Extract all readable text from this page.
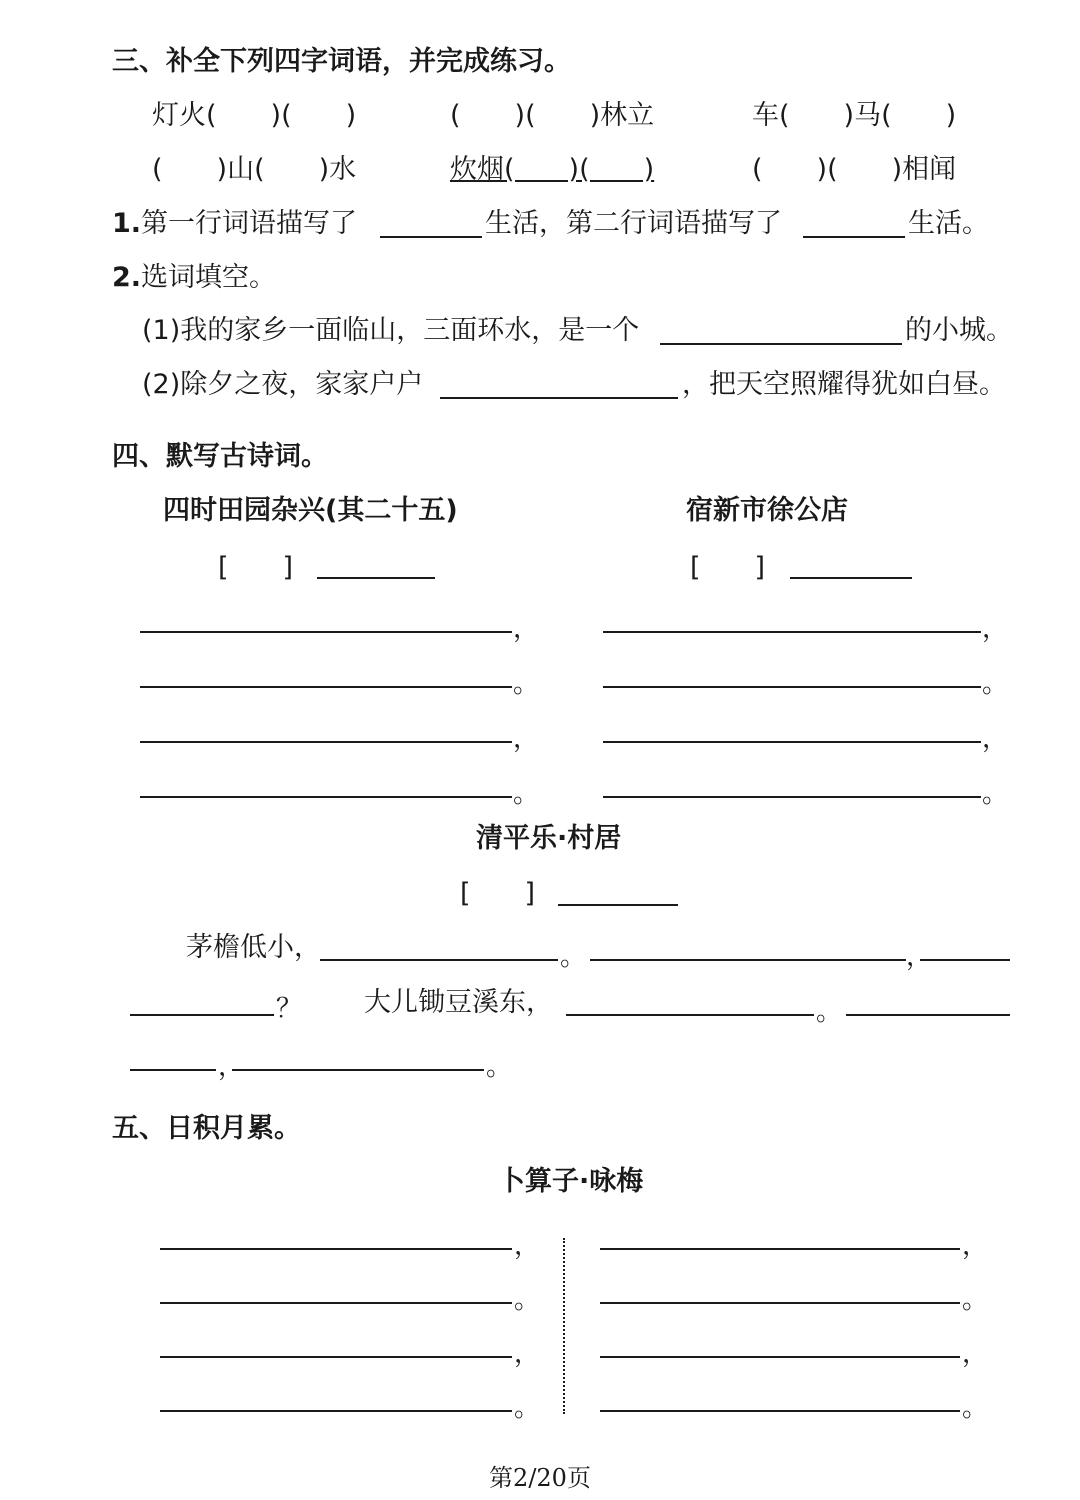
三、补全下列四字词语，并完成练习。
灯火(　　)(　　)	(　　)(　　)林立	车(　　)马(　　)
(　　)山(　　)水	炊烟(　　)(　　)	(　　)(　　)相闻
1.第一行词语描写了	生活，第二行词语描写了	生活。
2.选词填空。
(1)我的家乡一面临山，三面环水，是一个	的小城。
(2)除夕之夜，家家户户	，把天空照耀得犹如白昼。
四、默写古诗词。
四时田园杂兴(其二十五)	宿新市徐公店
[　　]	[　　]
，
。
，
。
，
。
，
。
清平乐·村居
[　　]
茅檐低小，	。	，
？ 大儿锄豆溪东，	。
，	。
五、日积月累。
卜算子·咏梅
，
。
，
。
，
。
，
。
第2/20页
